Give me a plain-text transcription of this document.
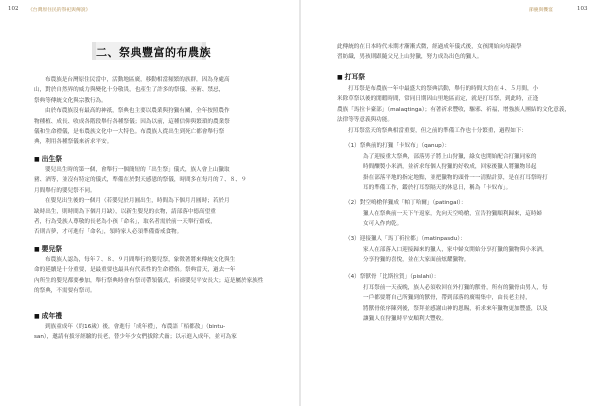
102 《台灣原住民的祭祀與傳說》
二、祭典豐富的布農族
布農族是台灣原住民當中，活動地區廣，移動相當頻繁的族群，因為身處高
山，對於自然界的威力與變化十分敬畏，也產生了許多的祭儀、巫術、禁忌，
祭典等傳統文化與宗教行為。
由於布農族沒有最高的神祇，祭典也主要以農業與狩獵有關，全年按照農作
物種植、成長、收成各階段舉行各種祭儀；因為以前，這種信仰與繁瑣的農業祭
儀和生命禮儀，是布農族文化中一大特色。布農族人從出生到死亡都會舉行祭
典，利用各種祭儀來祈求平安。
■ 出生祭
嬰兒出生時的第一個，會舉行一個簡短的「出生祭」儀式，族人會上山獵取
豬、酒等，並沒有特定的儀式，準備在於對天感恩的祭儀，時間多在每月的７、８、９
月間舉行的嬰兒祭不同。
在嬰兒出生後的一個月（若嬰兒於月圓出生，時間為下個月月圓時；若於月
缺時出生，則時間為下個月月缺），以新生嬰兒的衣物，請部落中德高望重
者，行為受族人尊敬的長老為小孩「命名」，取名者需於前一天舉行齋戒，
否則吉夢，才可進行「命名」，領時家人必須準備齋戒食物。
■ 嬰兒祭
布農族人認為，每年７、８、９月間舉行的嬰兒祭，象徵著將來傳統文化與生
命的延續是十分重要，是最重要也最具有代表性的生命禮俗。祭典當天，過去一年
內所生的嬰兒都要參加，舉行祭典時會有祭司帶領儀式，祈禱嬰兒平安長大；這是屬於家族性
的祭典，不需要有祭司。
■ 成年禮
到族童成年（約16歲）後，會進行「成年禮」，布農語「栢都敖」（bintu-
san），邀請有拔牙經驗的長老，替少年少女們拔除犬齒；以示進入成年，並可為家
節慶與饗宴	103
此傳統的在日本時代未期才漸漸式微，經過成年儀式後，女孩開始向母親學
習紡織，男孩則跟隨父兄上山狩獵，努力成為出色的獵人。
■ 打耳祭
打耳祭是布農族一年中最盛大的祭典活動，舉行的時間大約在４、５月間，小
米除草祭以後的閒暇時間，常同日期因山里地區而定，就是打耳祭，到此時，正逢
農族「馬拉卡臺部」（malaqtinga）；有著祈求豐收，驅邪、祈福，增強族人團結的文化意義，
法律等等意義與功能。
打耳祭當天的祭典相當重要，但之前的準備工作也十分繁重，過程如下：
（1）祭典前的打獵「卡奴布」（qanup）：
為了迎接重大祭典，部落男子將上山狩獵，綠女也開始配合打獵同家的
時間釀製小米酒，並祈求每個人狩獵的好收成，回家後獵人將獵物吊起
掛在部落平地的指定地點，並把獵物的頭骨一一清點計算，是在打耳祭時打
耳的準備工作，鑑於打耳祭隔天的休息日，稱為「卡奴布」。
（2）對空鳴槍佯獵成「帕丁哈爾」（patingal）：
獵人在祭典前一天下午返家，先向天空鳴槍，宣告狩獵順利歸來，這時婦
女可入作肉乾。
（3）迎接獵人「馬丁祈拉都」（matinpasdu）：
家人在部落入口迎接歸來的獵人，家中婦女開始分享打獵的獵物與小米酒，
分享狩獵的喜悅，並在大家面前炫耀獵物。
（4）祭獸骨「比斯拉賀」（pislahi）：
打耳祭前一天夜晚，族人必須收回在外打獵的獸骨，所有的獵骨由男人，每
一戶都要將自己所獵到的獸骨，帶到部落的廣場集中，由長老主持，
將獸骨依序陳列後，祭拜並感謝山神的恩賜，祈求來年獵物更加豐盛，以及
讓獵人在狩獵時平安順利大豐收。
